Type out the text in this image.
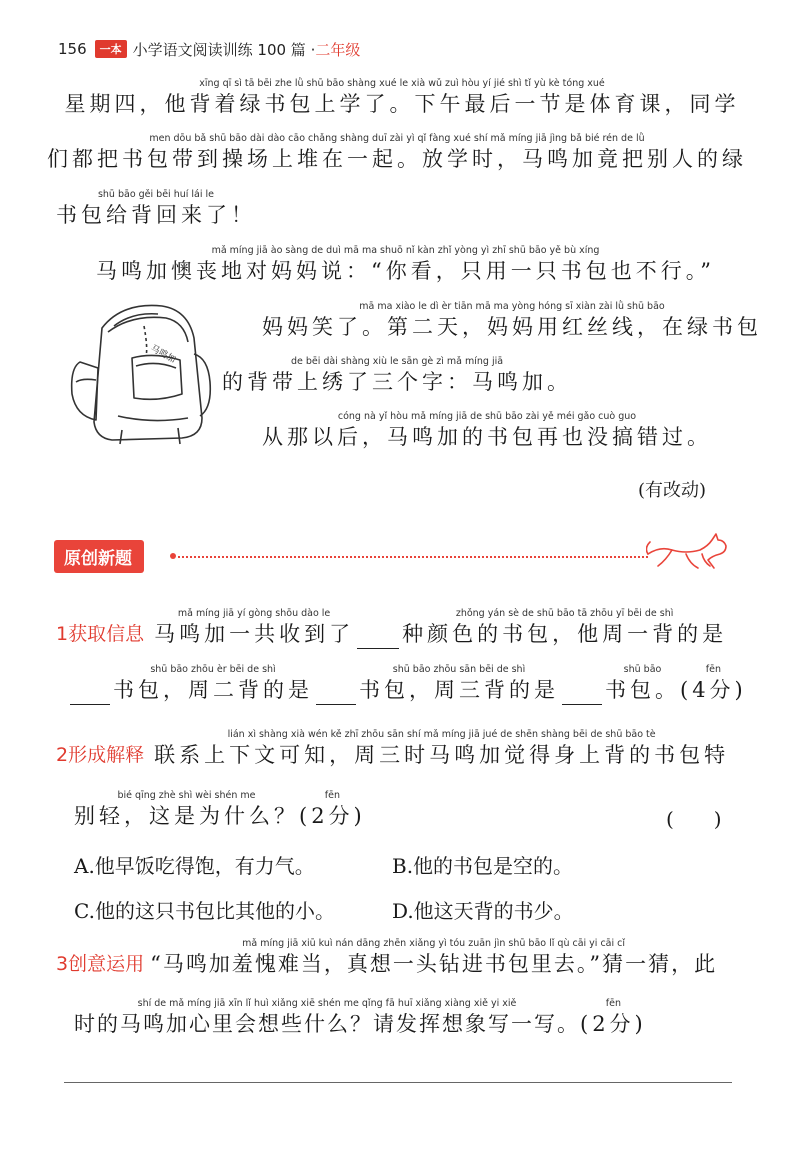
156	一本 小学语文阅读训练 100 篇 · 二年级
xīng qī sì tā bēi zhe lǜ shū bāo shàng xué le xià wǔ zuì hòu yí jié shì tǐ yù kè tóng xué
星期四，他背着绿书包上学了。下午最后一节是体育课，同学
men dōu bǎ shū bāo dài dào cāo chǎng shàng duī zài yì qǐ fàng xué shí mǎ míng jiā jìng bǎ bié rén de lǜ
们都把书包带到操场上堆在一起。放学时，马鸣加竟把别人的绿
shū bāo gěi bēi huí lái le
书包给背回来了！
mǎ míng jiā ào sàng de duì mā ma shuō nǐ kàn zhǐ yòng yì zhī shū bāo yě bù xíng
马鸣加懊丧地对妈妈说：“你看，只用一只书包也不行。”
马鸣加
mā ma xiào le dì èr tiān mā ma yòng hóng sī xiàn zài lǜ shū bāo
妈妈笑了。第二天，妈妈用红丝线，在绿书包
de bēi dài shàng xiù le sān gè zì mǎ míng jiā
的背带上绣了三个字：马鸣加。
cóng nà yǐ hòu mǎ míng jiā de shū bāo zài yě méi gǎo cuò guo
从那以后，马鸣加的书包再也没搞错过。
(有改动)
原创新题
1获取信息
mǎ míng jiā yí gòng shōu dào le
马鸣加一共收到了
zhǒng yán sè de shū bāo tā zhōu yī bēi de shì
种颜色的书包，他周一背的是
shū bāo zhōu èr bēi de shì
书包，周二背的是
shū bāo zhōu sān bēi de shì
书包，周三背的是
shū bāo
书包。
fēn
(4分)
2形成解释
lián xì shàng xià wén kě zhī zhōu sān shí mǎ míng jiā jué de shēn shàng bēi de shū bāo tè
联系上下文可知，周三时马鸣加觉得身上背的书包特
bié qīng zhè shì wèi shén me
别轻，这是为什么？
fēn
(2分)	(　　)
A.他早饭吃得饱，有力气。	B.他的书包是空的。
C.他的这只书包比其他的小。	D.他这天背的书少。
3创意运用
mǎ míng jiā xiū kuì nán dāng zhēn xiǎng yì tóu zuān jìn shū bāo lǐ qù cāi yi cāi cǐ
“马鸣加羞愧难当，真想一头钻进书包里去。”猜一猜，此
shí de mǎ míng jiā xīn lǐ huì xiǎng xiē shén me qǐng fā huī xiǎng xiàng xiě yi xiě
时的马鸣加心里会想些什么？请发挥想象写一写。
fēn
(2分)
